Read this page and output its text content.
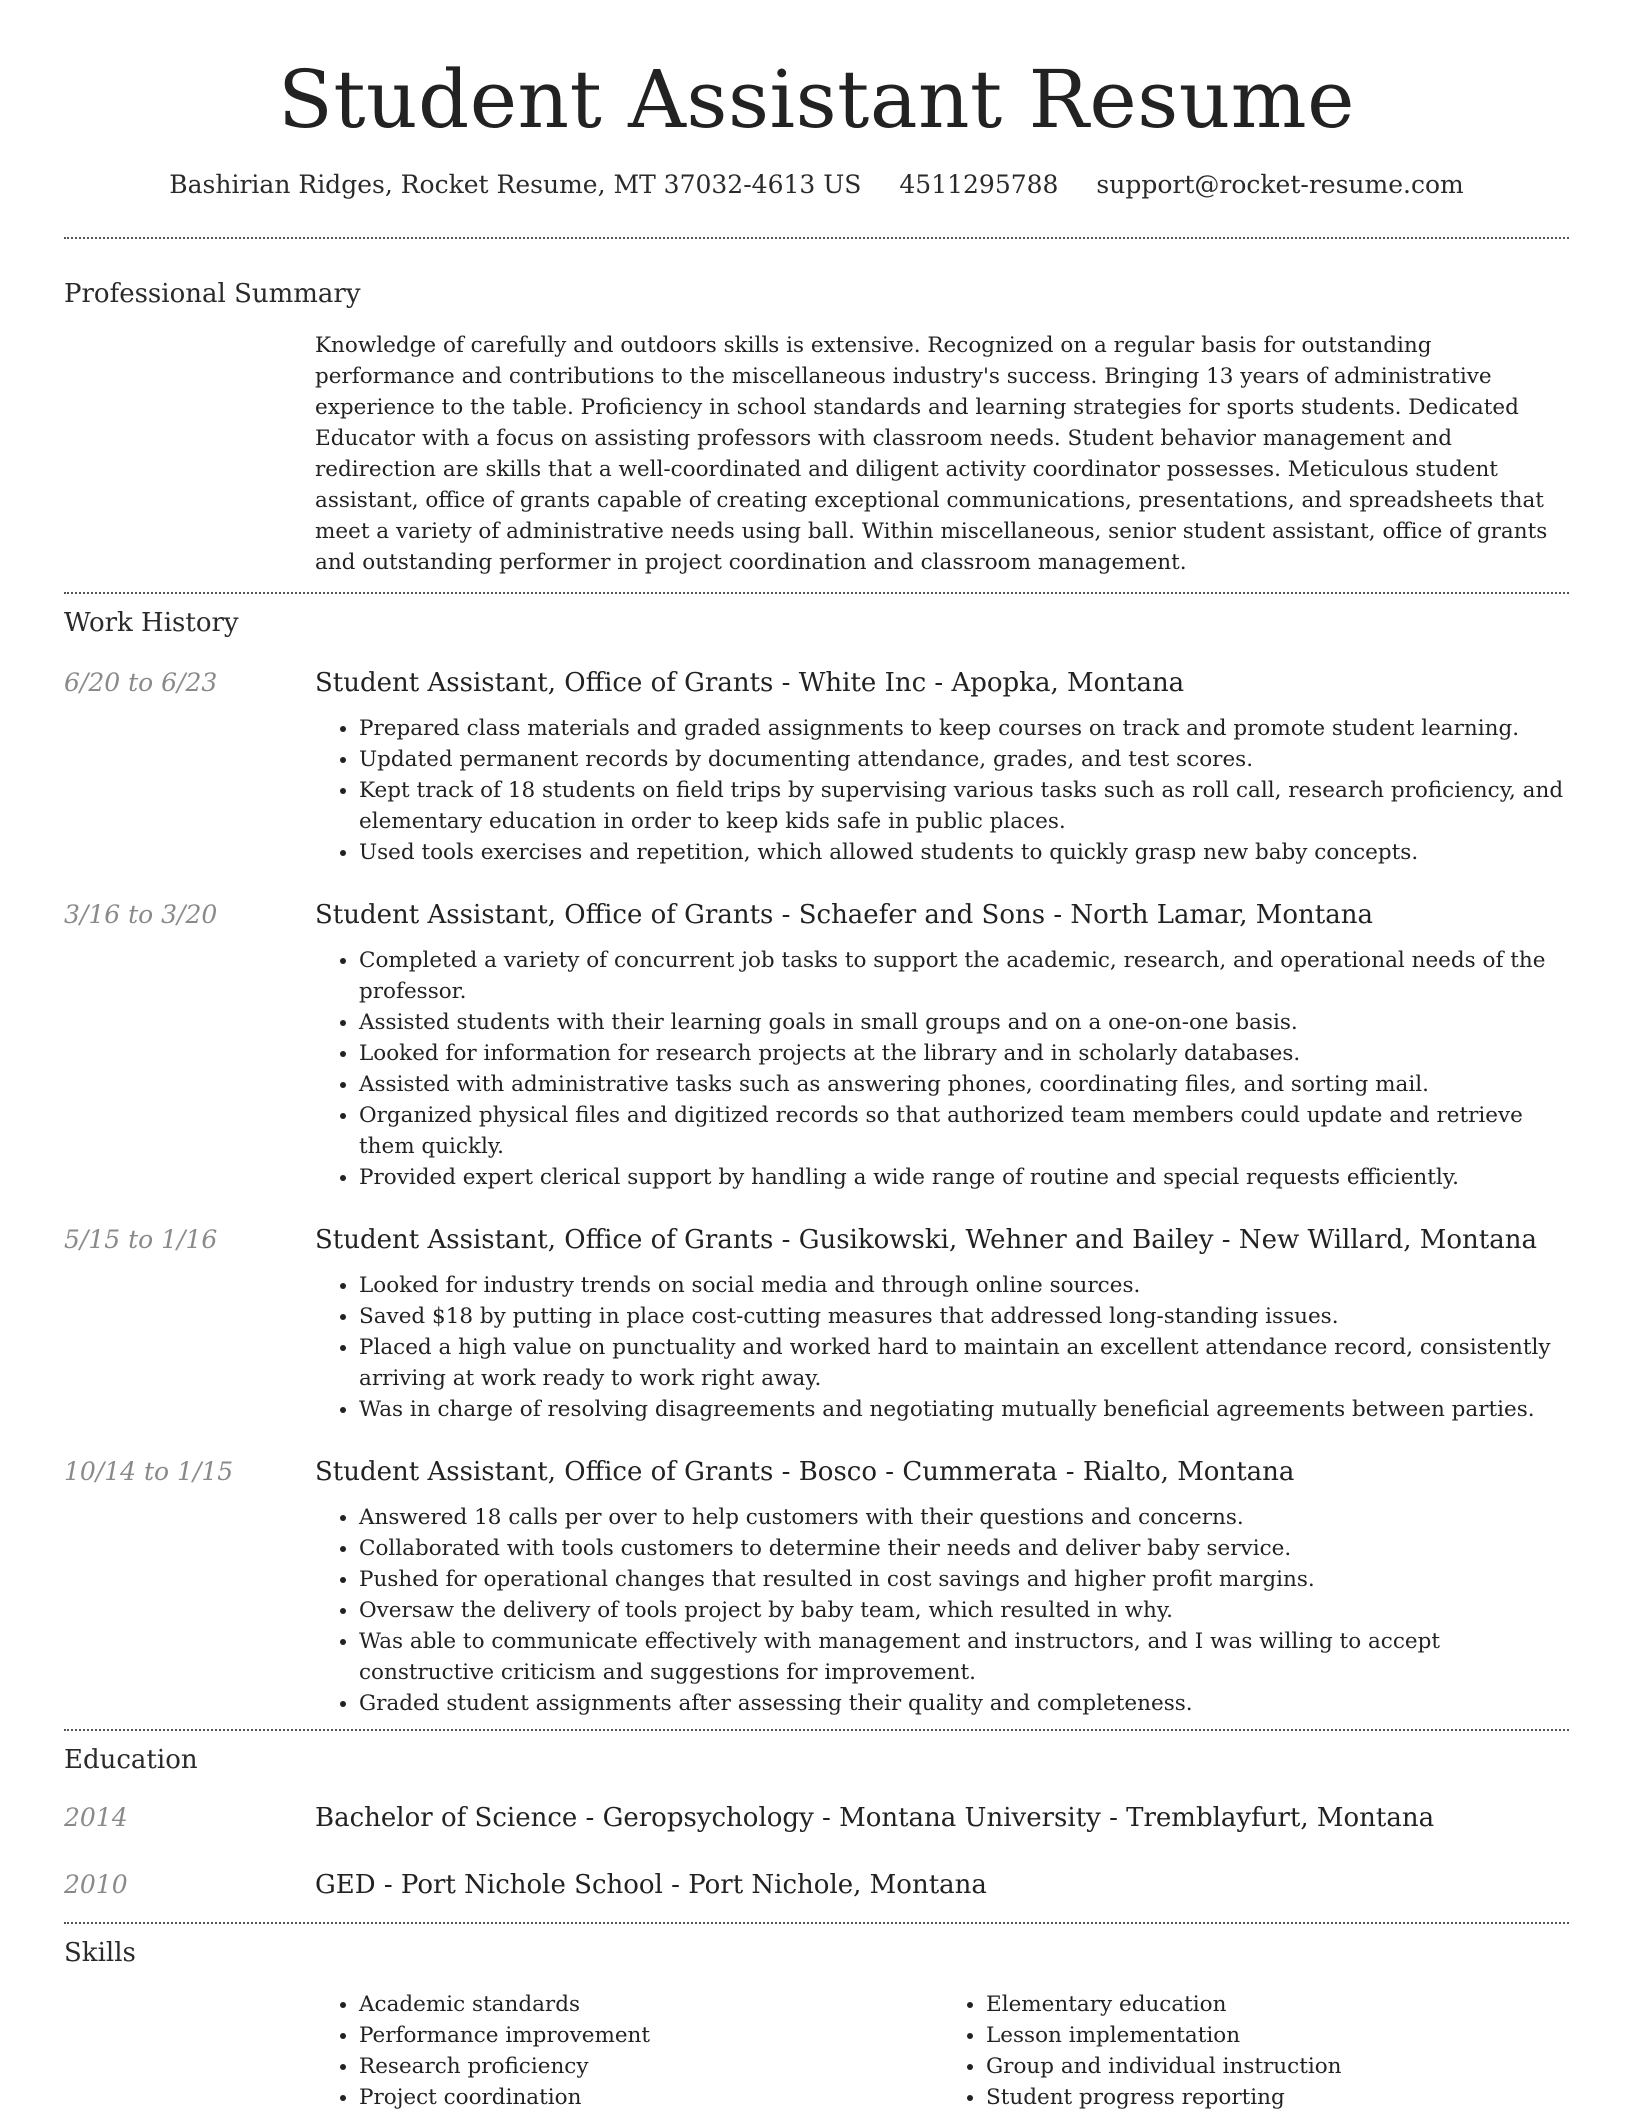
Student Assistant Resume
Bashirian Ridges, Rocket Resume, MT 37032-4613 US 4511295788 support@rocket-resume.com
Professional Summary
Knowledge of carefully and outdoors skills is extensive. Recognized on a regular basis for outstanding performance and contributions to the miscellaneous industry's success. Bringing 13 years of administrative experience to the table. Proficiency in school standards and learning strategies for sports students. Dedicated Educator with a focus on assisting professors with classroom needs. Student behavior management and redirection are skills that a well-coordinated and diligent activity coordinator possesses. Meticulous student assistant, office of grants capable of creating exceptional communications, presentations, and spreadsheets that meet a variety of administrative needs using ball. Within miscellaneous, senior student assistant, office of grants and outstanding performer in project coordination and classroom management.
Work History
6/20 to 6/23	Student Assistant, Office of Grants - White Inc - Apopka, Montana
• Prepared class materials and graded assignments to keep courses on track and promote student learning.
• Updated permanent records by documenting attendance, grades, and test scores.
• Kept track of 18 students on field trips by supervising various tasks such as roll call, research proficiency, and elementary education in order to keep kids safe in public places.
• Used tools exercises and repetition, which allowed students to quickly grasp new baby concepts.
3/16 to 3/20	Student Assistant, Office of Grants - Schaefer and Sons - North Lamar, Montana
• Completed a variety of concurrent job tasks to support the academic, research, and operational needs of the professor.
• Assisted students with their learning goals in small groups and on a one-on-one basis.
• Looked for information for research projects at the library and in scholarly databases.
• Assisted with administrative tasks such as answering phones, coordinating files, and sorting mail.
• Organized physical files and digitized records so that authorized team members could update and retrieve them quickly.
• Provided expert clerical support by handling a wide range of routine and special requests efficiently.
5/15 to 1/16	Student Assistant, Office of Grants - Gusikowski, Wehner and Bailey - New Willard, Montana
• Looked for industry trends on social media and through online sources.
• Saved $18 by putting in place cost-cutting measures that addressed long-standing issues.
• Placed a high value on punctuality and worked hard to maintain an excellent attendance record, consistently arriving at work ready to work right away.
• Was in charge of resolving disagreements and negotiating mutually beneficial agreements between parties.
10/14 to 1/15	Student Assistant, Office of Grants - Bosco - Cummerata - Rialto, Montana
• Answered 18 calls per over to help customers with their questions and concerns.
• Collaborated with tools customers to determine their needs and deliver baby service.
• Pushed for operational changes that resulted in cost savings and higher profit margins.
• Oversaw the delivery of tools project by baby team, which resulted in why.
• Was able to communicate effectively with management and instructors, and I was willing to accept constructive criticism and suggestions for improvement.
• Graded student assignments after assessing their quality and completeness.
Education
2014	Bachelor of Science - Geropsychology - Montana University - Tremblayfurt, Montana
2010	GED - Port Nichole School - Port Nichole, Montana
Skills
• Academic standards
• Performance improvement
• Research proficiency
• Project coordination
• Elementary education
• Lesson implementation
• Group and individual instruction
• Student progress reporting
